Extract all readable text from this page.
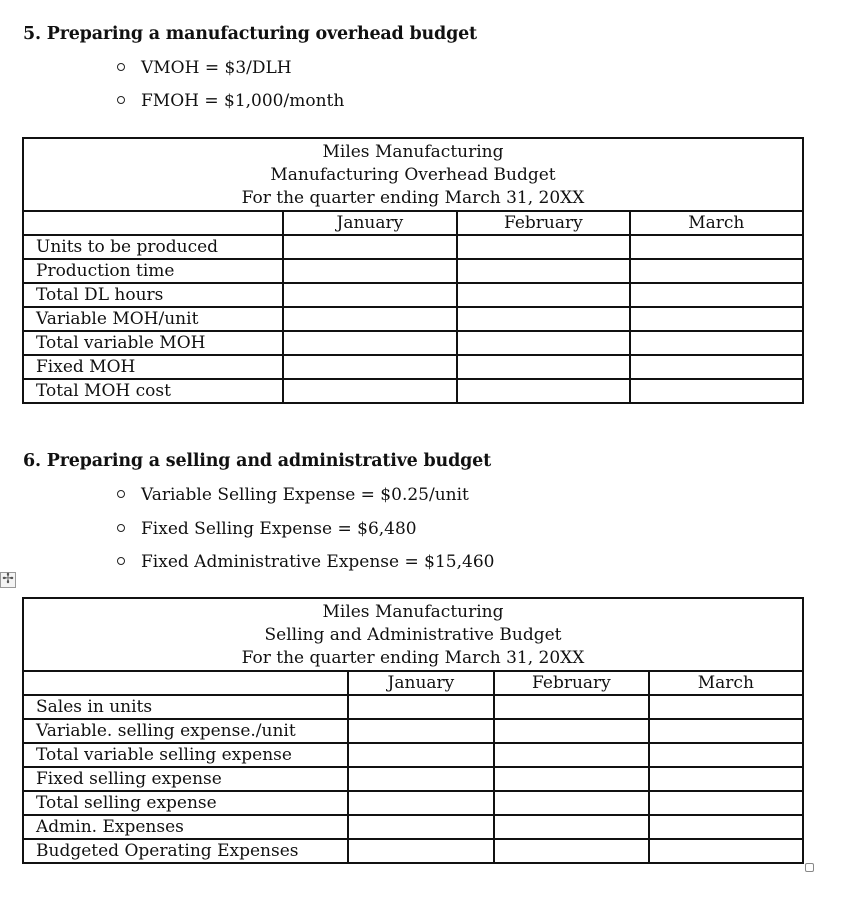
5. Preparing a manufacturing overhead budget
VMOH = $3/DLH
FMOH = $1,000/month
Miles Manufacturing
Manufacturing Overhead Budget
For the quarter ending March 31, 20XX			

	January	February	March
Units to be produced			
Production time			
Total DL hours			
Variable MOH/unit			
Total variable MOH			
Fixed MOH			
Total MOH cost			
6. Preparing a selling and administrative budget
Variable Selling Expense = $0.25/unit
Fixed Selling Expense = $6,480
Fixed Administrative Expense = $15,460
✢
Miles Manufacturing
Selling and Administrative Budget
For the quarter ending March 31, 20XX			

	January	February	March
Sales in units			
Variable. selling expense./unit			
Total variable selling expense			
Fixed selling expense			
Total selling expense			
Admin. Expenses			
Budgeted Operating Expenses			
